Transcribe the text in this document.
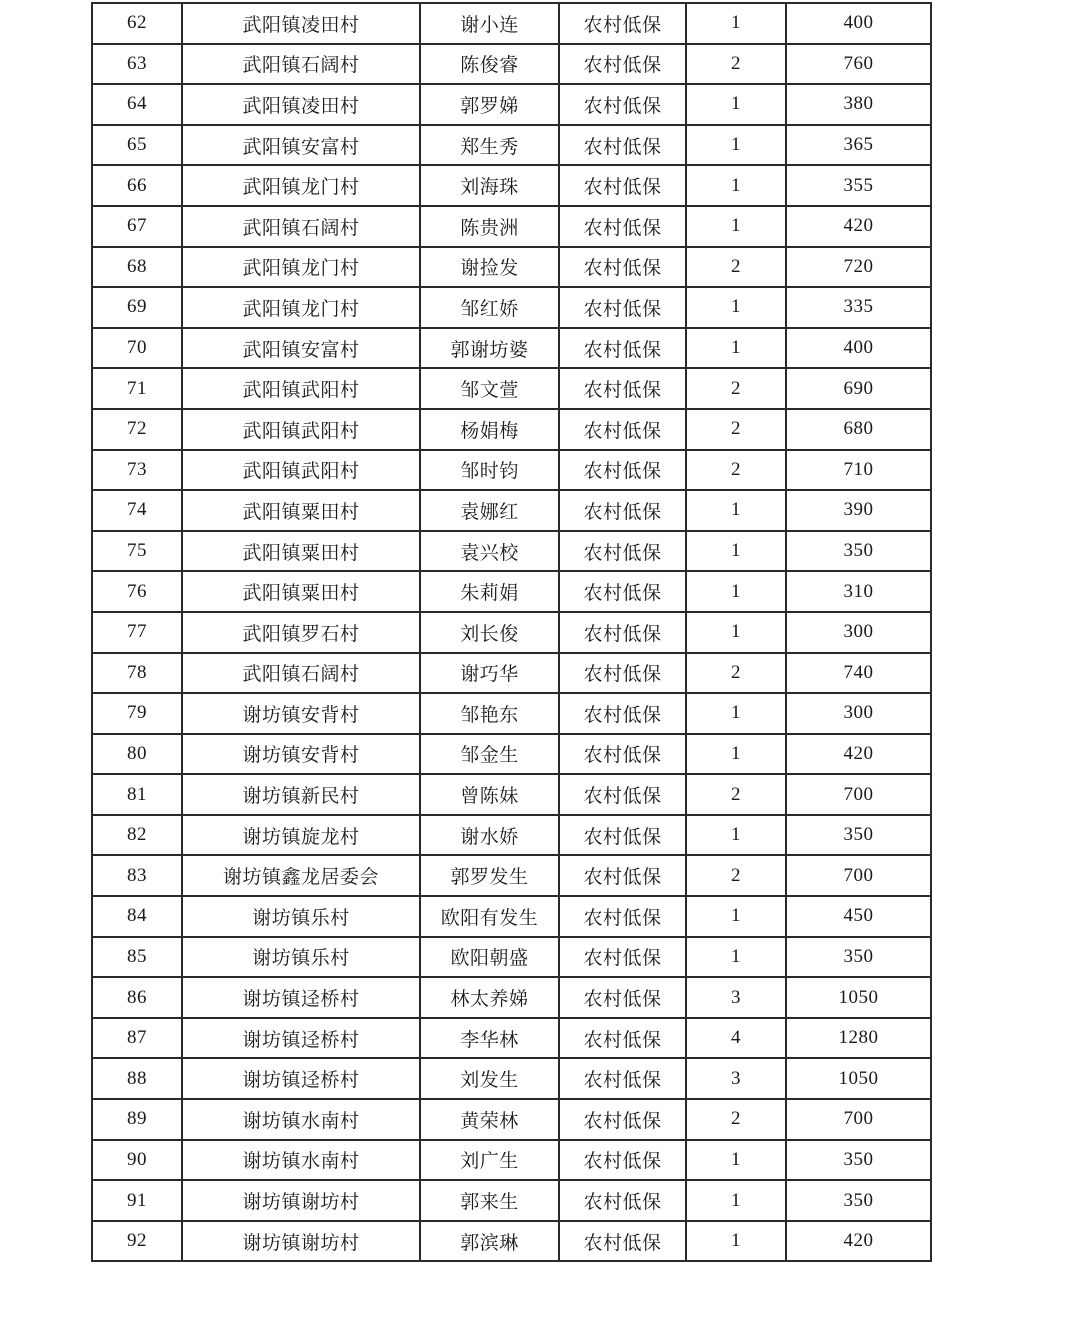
62	武阳镇凌田村	谢小连	农村低保	1	400
63	武阳镇石阔村	陈俊睿	农村低保	2	760
64	武阳镇凌田村	郭罗娣	农村低保	1	380
65	武阳镇安富村	郑生秀	农村低保	1	365
66	武阳镇龙门村	刘海珠	农村低保	1	355
67	武阳镇石阔村	陈贵洲	农村低保	1	420
68	武阳镇龙门村	谢捡发	农村低保	2	720
69	武阳镇龙门村	邹红娇	农村低保	1	335
70	武阳镇安富村	郭谢坊婆	农村低保	1	400
71	武阳镇武阳村	邹文萱	农村低保	2	690
72	武阳镇武阳村	杨娟梅	农村低保	2	680
73	武阳镇武阳村	邹时钧	农村低保	2	710
74	武阳镇粟田村	袁娜红	农村低保	1	390
75	武阳镇粟田村	袁兴校	农村低保	1	350
76	武阳镇粟田村	朱莉娟	农村低保	1	310
77	武阳镇罗石村	刘长俊	农村低保	1	300
78	武阳镇石阔村	谢巧华	农村低保	2	740
79	谢坊镇安背村	邹艳东	农村低保	1	300
80	谢坊镇安背村	邹金生	农村低保	1	420
81	谢坊镇新民村	曾陈妹	农村低保	2	700
82	谢坊镇旋龙村	谢水娇	农村低保	1	350
83	谢坊镇鑫龙居委会	郭罗发生	农村低保	2	700
84	谢坊镇乐村	欧阳有发生	农村低保	1	450
85	谢坊镇乐村	欧阳朝盛	农村低保	1	350
86	谢坊镇迳桥村	林太养娣	农村低保	3	1050
87	谢坊镇迳桥村	李华林	农村低保	4	1280
88	谢坊镇迳桥村	刘发生	农村低保	3	1050
89	谢坊镇水南村	黄荣林	农村低保	2	700
90	谢坊镇水南村	刘广生	农村低保	1	350
91	谢坊镇谢坊村	郭来生	农村低保	1	350
92	谢坊镇谢坊村	郭滨琳	农村低保	1	420
